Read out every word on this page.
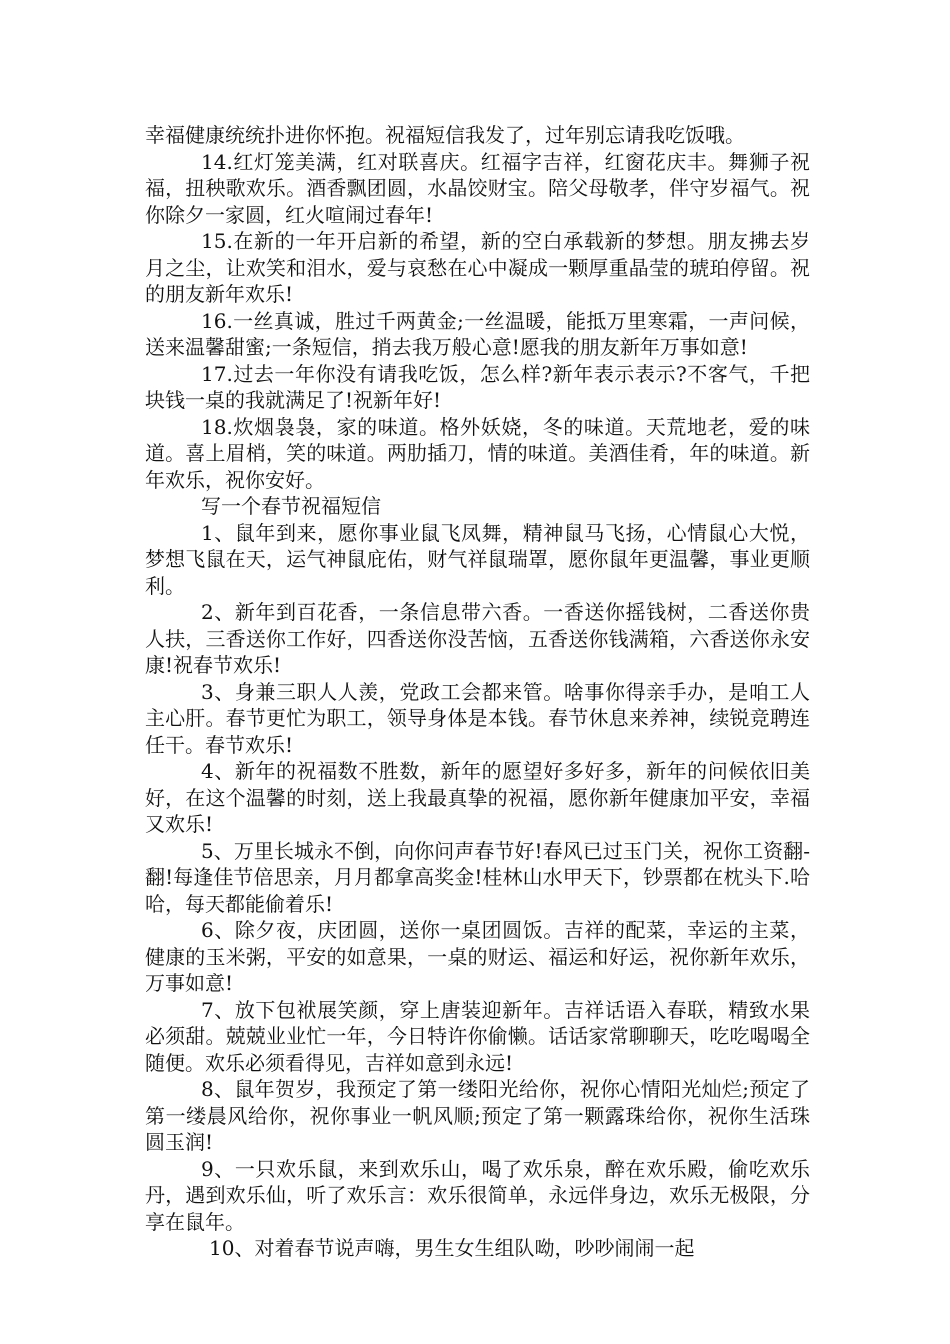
幸福健康统统扑进你怀抱。祝福短信我发了，过年别忘请我吃饭哦。

14.红灯笼美满，红对联喜庆。红福字吉祥，红窗花庆丰。舞狮子祝福，扭秧歌欢乐。酒香飘团圆，水晶饺财宝。陪父母敬孝，伴守岁福气。祝你除夕一家圆，红火喧闹过春年!

15.在新的一年开启新的希望，新的空白承载新的梦想。朋友拂去岁月之尘，让欢笑和泪水，爱与哀愁在心中凝成一颗厚重晶莹的琥珀停留。祝的朋友新年欢乐!

16.一丝真诚，胜过千两黄金;一丝温暖，能抵万里寒霜，一声问候，送来温馨甜蜜;一条短信，捎去我万般心意!愿我的朋友新年万事如意!

17.过去一年你没有请我吃饭，怎么样?新年表示表示?不客气，千把块钱一桌的我就满足了!祝新年好!

18.炊烟袅袅，家的味道。格外妖娆，冬的味道。天荒地老，爱的味道。喜上眉梢，笑的味道。两肋插刀，情的味道。美酒佳肴，年的味道。新年欢乐，祝你安好。

写一个春节祝福短信

1、鼠年到来，愿你事业鼠飞凤舞，精神鼠马飞扬，心情鼠心大悦，梦想飞鼠在天，运气神鼠庇佑，财气祥鼠瑞罩，愿你鼠年更温馨，事业更顺利。

2、新年到百花香，一条信息带六香。一香送你摇钱树，二香送你贵人扶，三香送你工作好，四香送你没苦恼，五香送你钱满箱，六香送你永安康!祝春节欢乐!

3、身兼三职人人羡，党政工会都来管。啥事你得亲手办，是咱工人主心肝。春节更忙为职工，领导身体是本钱。春节休息来养神，续锐竞聘连任干。春节欢乐!

4、新年的祝福数不胜数，新年的愿望好多好多，新年的问候依旧美好，在这个温馨的时刻，送上我最真挚的祝福，愿你新年健康加平安，幸福又欢乐!

5、万里长城永不倒，向你问声春节好!春风已过玉门关，祝你工资翻-翻!每逢佳节倍思亲，月月都拿高奖金!桂林山水甲天下，钞票都在枕头下.哈哈，每天都能偷着乐!

6、除夕夜，庆团圆，送你一桌团圆饭。吉祥的配菜，幸运的主菜，健康的玉米粥，平安的如意果，一桌的财运、福运和好运，祝你新年欢乐，万事如意!

7、放下包袱展笑颜，穿上唐装迎新年。吉祥话语入春联，精致水果必须甜。兢兢业业忙一年，今日特许你偷懒。话话家常聊聊天，吃吃喝喝全随便。欢乐必须看得见，吉祥如意到永远!

8、鼠年贺岁，我预定了第一缕阳光给你，祝你心情阳光灿烂;预定了第一缕晨风给你，祝你事业一帆风顺;预定了第一颗露珠给你，祝你生活珠圆玉润!

9、一只欢乐鼠，来到欢乐山，喝了欢乐泉，醉在欢乐殿，偷吃欢乐丹，遇到欢乐仙，听了欢乐言：欢乐很简单，永远伴身边，欢乐无极限，分享在鼠年。

10、对着春节说声嗨，男生女生组队呦，吵吵闹闹一起
